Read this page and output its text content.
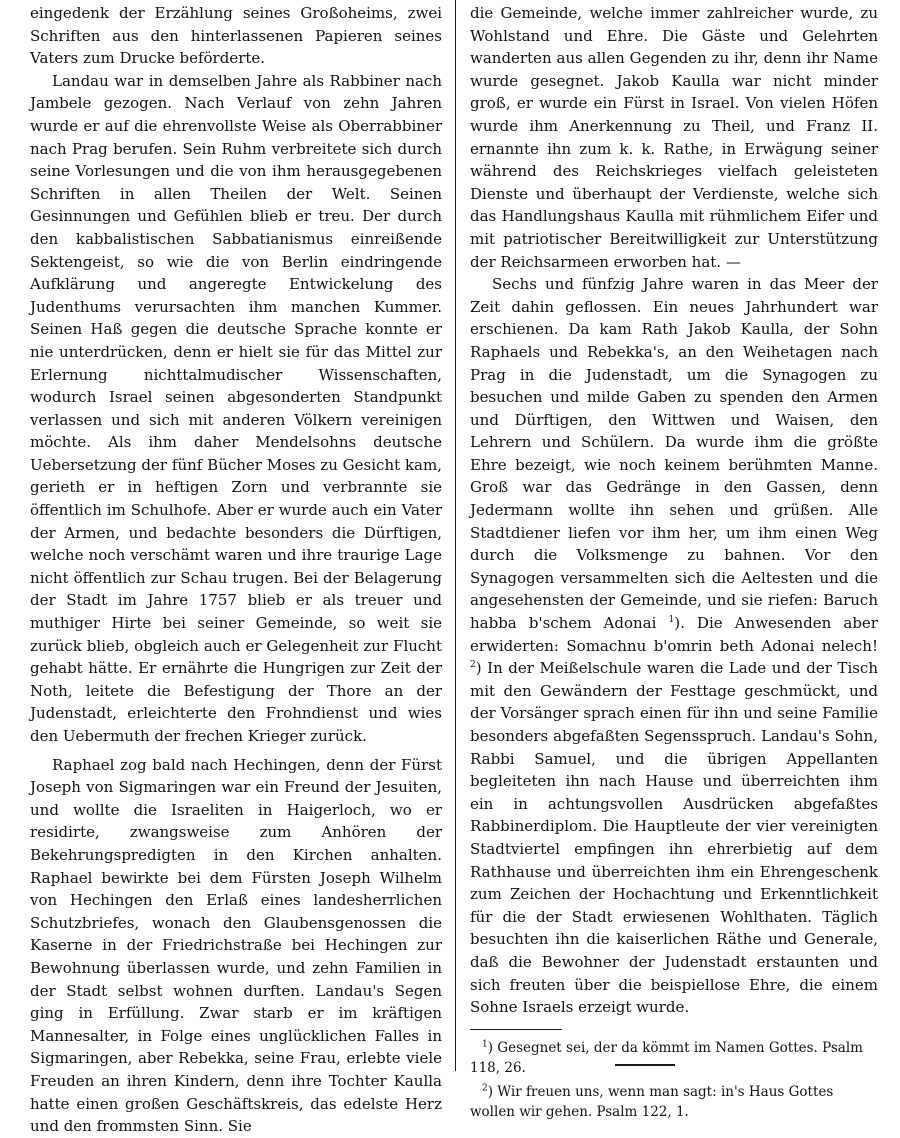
eingedenk der Erzählung seines Großoheims, zwei Schriften aus den hinterlassenen Papieren seines Vaters zum Drucke beförderte.

Landau war in demselben Jahre als Rabbiner nach Jambele gezogen. Nach Verlauf von zehn Jahren wurde er auf die ehrenvollste Weise als Oberrabbiner nach Prag berufen. Sein Ruhm verbreitete sich durch seine Vorlesungen und die von ihm herausgegebenen Schriften in allen Theilen der Welt. Seinen Gesinnungen und Gefühlen blieb er treu. Der durch den kabbalistischen Sabbatianismus einreißende Sektengeist, so wie die von Berlin eindringende Aufklärung und angeregte Entwickelung des Judenthums verursachten ihm manchen Kummer. Seinen Haß gegen die deutsche Sprache konnte er nie unterdrücken, denn er hielt sie für das Mittel zur Erlernung nichttalmudischer Wissenschaften, wodurch Israel seinen abgesonderten Standpunkt verlassen und sich mit anderen Völkern vereinigen möchte. Als ihm daher Mendelsohns deutsche Uebersetzung der fünf Bücher Moses zu Gesicht kam, gerieth er in heftigen Zorn und verbrannte sie öffentlich im Schulhofe. Aber er wurde auch ein Vater der Armen, und bedachte besonders die Dürftigen, welche noch verschämt waren und ihre traurige Lage nicht öffentlich zur Schau trugen. Bei der Belagerung der Stadt im Jahre 1757 blieb er als treuer und muthiger Hirte bei seiner Gemeinde, so weit sie zurück blieb, obgleich auch er Gelegenheit zur Flucht gehabt hätte. Er ernährte die Hungrigen zur Zeit der Noth, leitete die Befestigung der Thore an der Judenstadt, erleichterte den Frohndienst und wies den Uebermuth der frechen Krieger zurück.

Raphael zog bald nach Hechingen, denn der Fürst Joseph von Sigmaringen war ein Freund der Jesuiten, und wollte die Israeliten in Haigerloch, wo er residirte, zwangsweise zum Anhören der Bekehrungspredigten in den Kirchen anhalten. Raphael bewirkte bei dem Fürsten Joseph Wilhelm von Hechingen den Erlaß eines landesherrlichen Schutzbriefes, wonach den Glaubensgenossen die Kaserne in der Friedrichstraße bei Hechingen zur Bewohnung überlassen wurde, und zehn Familien in der Stadt selbst wohnen durften. Landau's Segen ging in Erfüllung. Zwar starb er im kräftigen Mannesalter, in Folge eines unglücklichen Falles in Sigmaringen, aber Rebekka, seine Frau, erlebte viele Freuden an ihren Kindern, denn ihre Tochter Kaulla hatte einen großen Geschäftskreis, das edelste Herz und den frommsten Sinn. Sie

die Gemeinde, welche immer zahlreicher wurde, zu Wohlstand und Ehre. Die Gäste und Gelehrten wanderten aus allen Gegenden zu ihr, denn ihr Name wurde gesegnet. Jakob Kaulla war nicht minder groß, er wurde ein Fürst in Israel. Von vielen Höfen wurde ihm Anerkennung zu Theil, und Franz II. ernannte ihn zum k. k. Rathe, in Erwägung seiner während des Reichskrieges vielfach geleisteten Dienste und überhaupt der Verdienste, welche sich das Handlungshaus Kaulla mit rühmlichem Eifer und mit patriotischer Bereitwilligkeit zur Unterstützung der Reichsarmeen erworben hat. —

Sechs und fünfzig Jahre waren in das Meer der Zeit dahin geflossen. Ein neues Jahrhundert war erschienen. Da kam Rath Jakob Kaulla, der Sohn Raphaels und Rebekka's, an den Weihetagen nach Prag in die Judenstadt, um die Synagogen zu besuchen und milde Gaben zu spenden den Armen und Dürftigen, den Wittwen und Waisen, den Lehrern und Schülern. Da wurde ihm die größte Ehre bezeigt, wie noch keinem berühmten Manne. Groß war das Gedränge in den Gassen, denn Jedermann wollte ihn sehen und grüßen. Alle Stadtdiener liefen vor ihm her, um ihm einen Weg durch die Volksmenge zu bahnen. Vor den Synagogen versammelten sich die Aeltesten und die angesehensten der Gemeinde, und sie riefen: Baruch habba b'schem Adonai $^1$). Die Anwesenden aber erwiderten: Somachnu b'omrin beth Adonai nelech! $^2$) In der Meißelschule waren die Lade und der Tisch mit den Gewändern der Festtage geschmückt, und der Vorsänger sprach einen für ihn und seine Familie besonders abgefaßten Segensspruch. Landau's Sohn, Rabbi Samuel, und die übrigen Appellanten begleiteten ihn nach Hause und überreichten ihm ein in achtungsvollen Ausdrücken abgefaßtes Rabbinerdiplom. Die Hauptleute der vier vereinigten Stadtviertel empfingen ihn ehrerbietig auf dem Rathhause und überreichten ihm ein Ehrengeschenk zum Zeichen der Hochachtung und Erkenntlichkeit für die der Stadt erwiesenen Wohlthaten. Täglich besuchten ihn die kaiserlichen Räthe und Generale, daß die Bewohner der Judenstadt erstaunten und sich freuten über die beispiellose Ehre, die einem Sohne Israels erzeigt wurde.

$^1$) Gesegnet sei, der da kömmt im Namen Gottes. Psalm 118, 26.

$^2$) Wir freuen uns, wenn man sagt: in's Haus Gottes wollen wir gehen. Psalm 122, 1.
